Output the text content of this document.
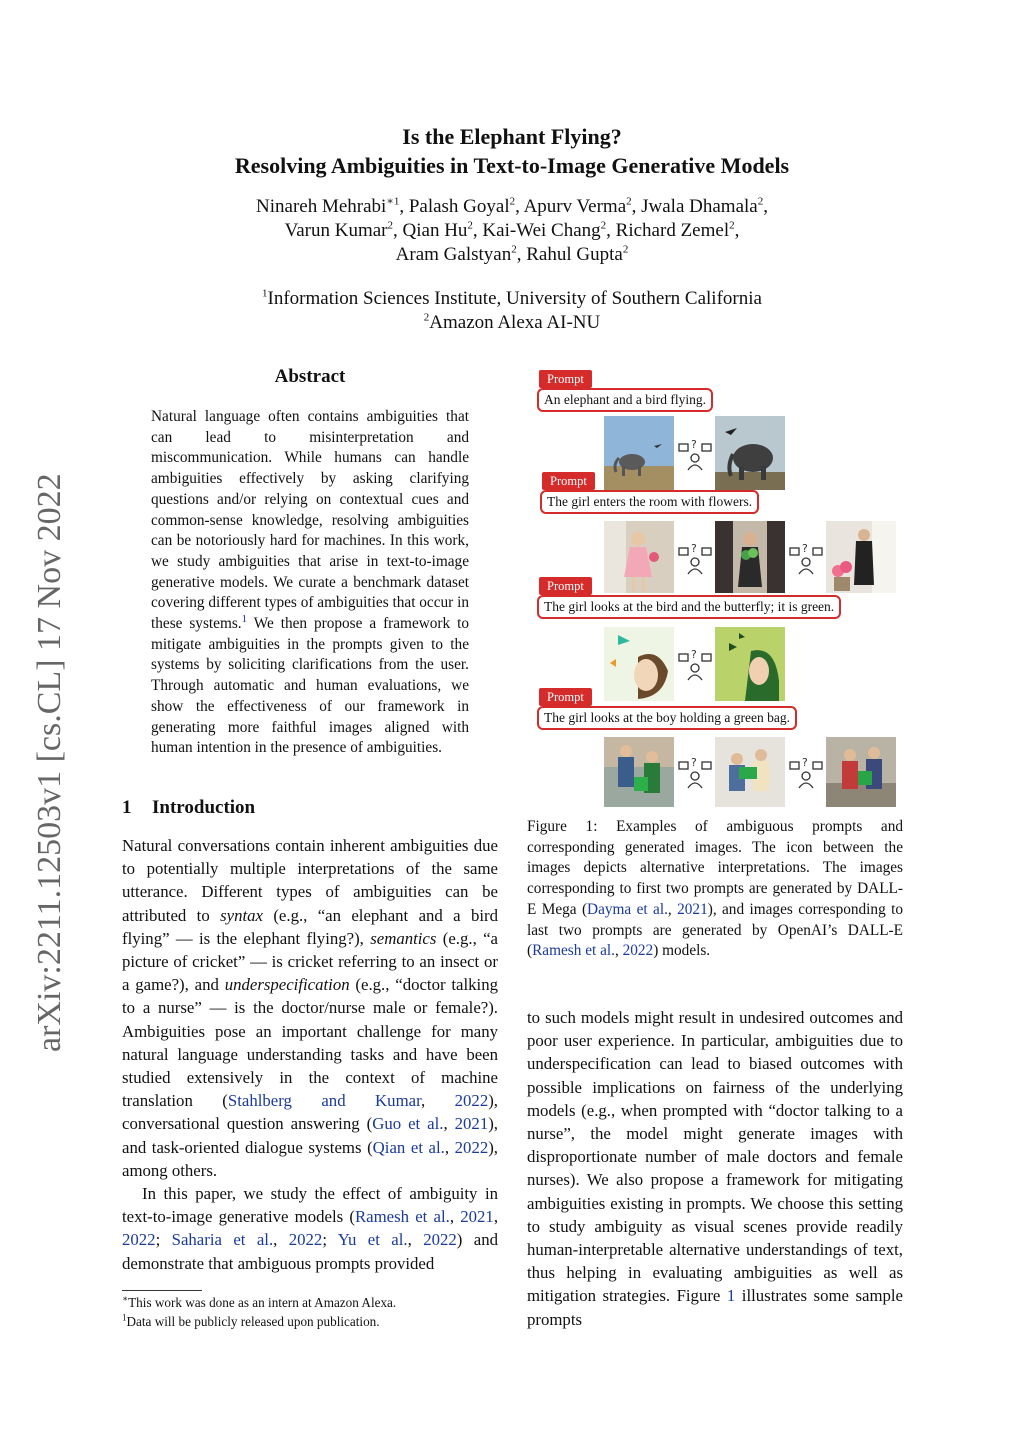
arXiv:2211.12503v1 [cs.CL] 17 Nov 2022
Is the Elephant Flying?
Resolving Ambiguities in Text-to-Image Generative Models
Ninareh Mehrabi$^{∗1}$, Palash Goyal$^2$, Apurv Verma$^2$, Jwala Dhamala$^2$,
Varun Kumar$^2$, Qian Hu$^2$, Kai-Wei Chang$^2$, Richard Zemel$^2$,
Aram Galstyan$^2$, Rahul Gupta$^2$
$^1$Information Sciences Institute, University of Southern California
$^2$Amazon Alexa AI-NU
Abstract
Natural language often contains ambiguities that can lead to misinterpretation and miscommunication. While humans can handle ambiguities effectively by asking clarifying questions and/or relying on contextual cues and common-sense knowledge, resolving ambiguities can be notoriously hard for machines. In this work, we study ambiguities that arise in text-to-image generative models. We curate a benchmark dataset covering different types of ambiguities that occur in these systems.$^1$ We then propose a framework to mitigate ambiguities in the prompts given to the systems by soliciting clarifications from the user. Through automatic and human evaluations, we show the effectiveness of our framework in generating more faithful images aligned with human intention in the presence of ambiguities.
1 Introduction

Natural conversations contain inherent ambiguities due to potentially multiple interpretations of the same utterance. Different types of ambiguities can be attributed to syntax (e.g., “an elephant and a bird flying” — is the elephant flying?), semantics (e.g., “a picture of cricket” — is cricket referring to an insect or a game?), and underspecification (e.g., “doctor talking to a nurse” — is the doctor/nurse male or female?). Ambiguities pose an important challenge for many natural language understanding tasks and have been studied extensively in the context of machine translation (Stahlberg and Kumar, 2022), conversational question answering (Guo et al., 2021), and task-oriented dialogue systems (Qian et al., 2022), among others.

In this paper, we study the effect of ambiguity in text-to-image generative models (Ramesh et al., 2021, 2022; Saharia et al., 2022; Yu et al., 2022) and demonstrate that ambiguous prompts provided

∗This work was done as an intern at Amazon Alexa.
$^1$Data will be publicly released upon publication.

to such models might result in undesired outcomes and poor user experience. In particular, ambiguities due to underspecification can lead to biased outcomes with possible implications on fairness of the underlying models (e.g., when prompted with “doctor talking to a nurse”, the model might generate images with disproportionate number of male doctors and female nurses). We also propose a framework for mitigating ambiguities existing in prompts. We choose this setting to study ambiguity as visual scenes provide readily human-interpretable alternative understandings of text, thus helping in evaluating ambiguities as well as mitigation strategies. Figure 1 illustrates some sample prompts

Prompt
An elephant and a bird flying.
?
Prompt
The girl enters the room with flowers.
?	?
Prompt
The girl looks at the bird and the butterfly; it is green.
?
Prompt
The girl looks at the boy holding a green bag.
?	?
Figure 1: Examples of ambiguous prompts and corresponding generated images. The icon between the images depicts alternative interpretations. The images corresponding to first two prompts are generated by DALL-E Mega (Dayma et al., 2021), and images corresponding to last two prompts are generated by OpenAI’s DALL-E (Ramesh et al., 2022) models.
